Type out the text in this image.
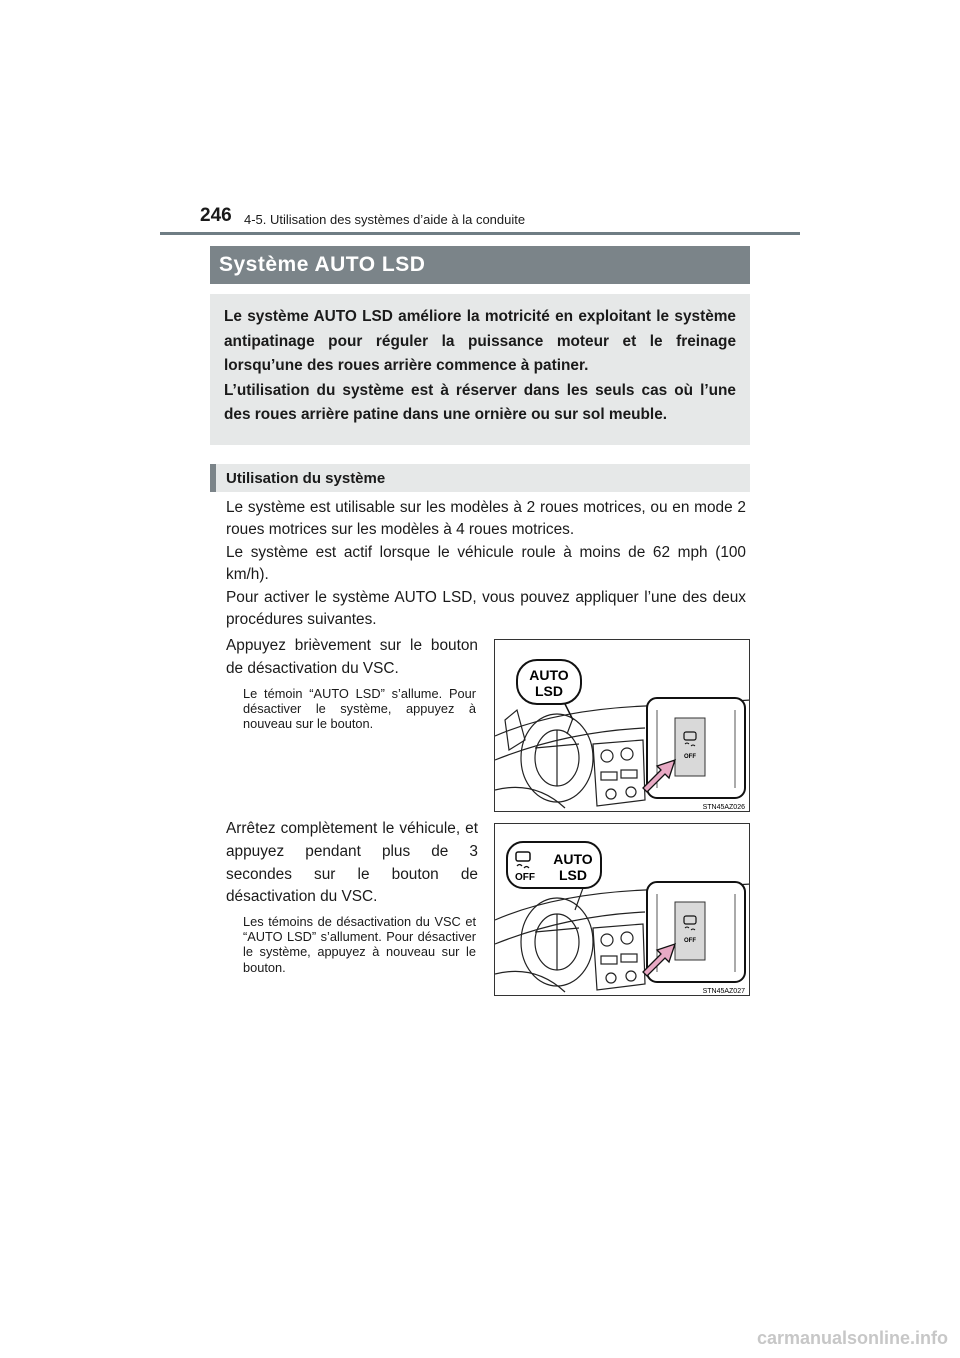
246 4-5. Utilisation des systèmes d’aide à la conduite
Système AUTO LSD

Le système AUTO LSD améliore la motricité en exploitant le système antipatinage pour réguler la puissance moteur et le freinage lorsqu’une des roues arrière commence à patiner.

L’utilisation du système est à réserver dans les seuls cas où l’une des roues arrière patine dans une ornière ou sur sol meuble.

Utilisation du système

Le système est utilisable sur les modèles à 2 roues motrices, ou en mode 2 roues motrices sur les modèles à 4 roues motrices.

Le système est actif lorsque le véhicule roule à moins de 62 mph (100 km/h).

Pour activer le système AUTO LSD, vous pouvez appliquer l’une des deux procédures suivantes.

Appuyez brièvement sur le bouton de désactivation du VSC.
Le témoin “AUTO LSD” s’allume. Pour désactiver le système, appuyez à nouveau sur le bouton.
AUTO
LSD
OFF
STN45AZ026
Arrêtez complètement le véhicule, et appuyez pendant plus de 3 secondes sur le bouton de désactivation du VSC.
Les témoins de désactivation du VSC et “AUTO LSD” s’allument. Pour désactiver le système, appuyez à nouveau sur le bouton.
OFF
AUTO
LSD
OFF
STN45AZ027
carmanualsonline.info
